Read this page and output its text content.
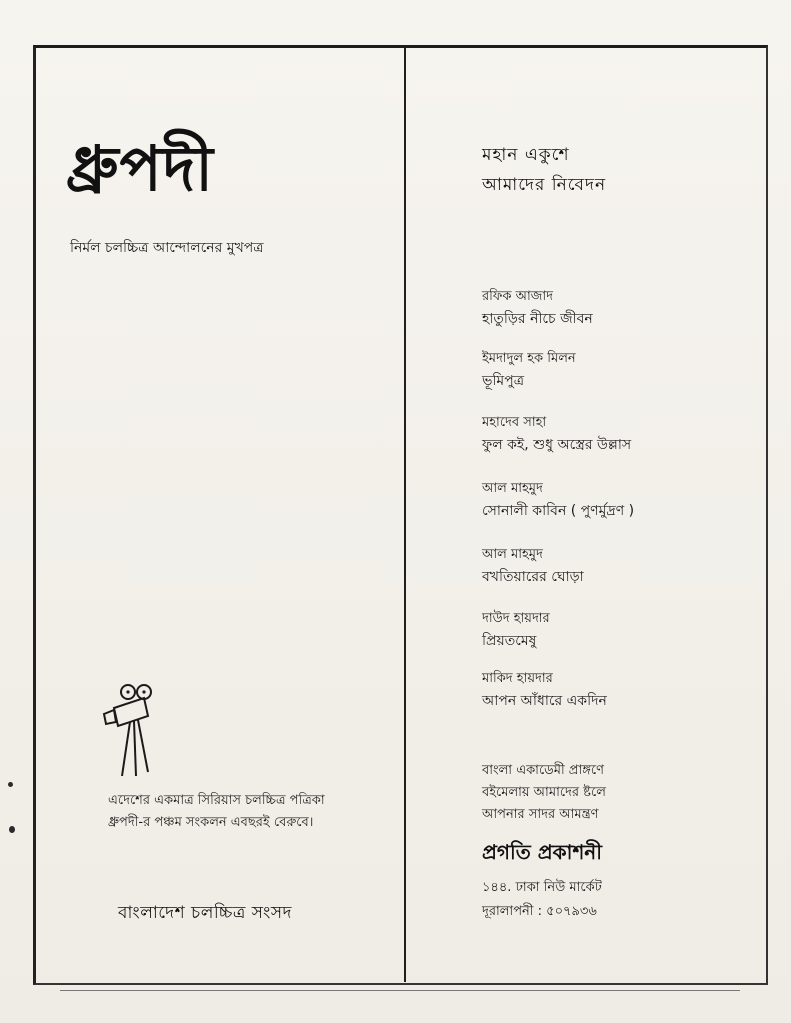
ধ্রুপদী
নির্মল চলচ্চিত্র আন্দোলনের মুখপত্র
এদেশের একমাত্র সিরিয়াস চলচ্চিত্র পত্রিকা
ধ্রুপদী-র পঞ্চম সংকলন এবছরই বেরুবে।
বাংলাদেশ চলচ্চিত্র সংসদ
মহান একুশে
আমাদের নিবেদন
রফিক আজাদ
হাতুড়ির নীচে জীবন
ইমদাদুল হক মিলন
ভূমিপুত্র
মহাদেব সাহা
ফুল কই, শুধু অস্ত্রের উল্লাস
আল মাহমুদ
সোনালী কাবিন ( পুণর্মুদ্রণ )
আল মাহমুদ
বখতিয়ারের ঘোড়া
দাউদ হায়দার
প্রিয়তমেষু
মাকিদ হায়দার
আপন আঁধারে একদিন
বাংলা একাডেমী প্রাঙ্গণে
বইমেলায় আমাদের ষ্টলে
আপনার সাদর আমন্ত্রণ
প্রগতি প্রকাশনী
১৪৪. ঢাকা নিউ মার্কেট
দূরালাপনী : ৫০৭৯৩৬
